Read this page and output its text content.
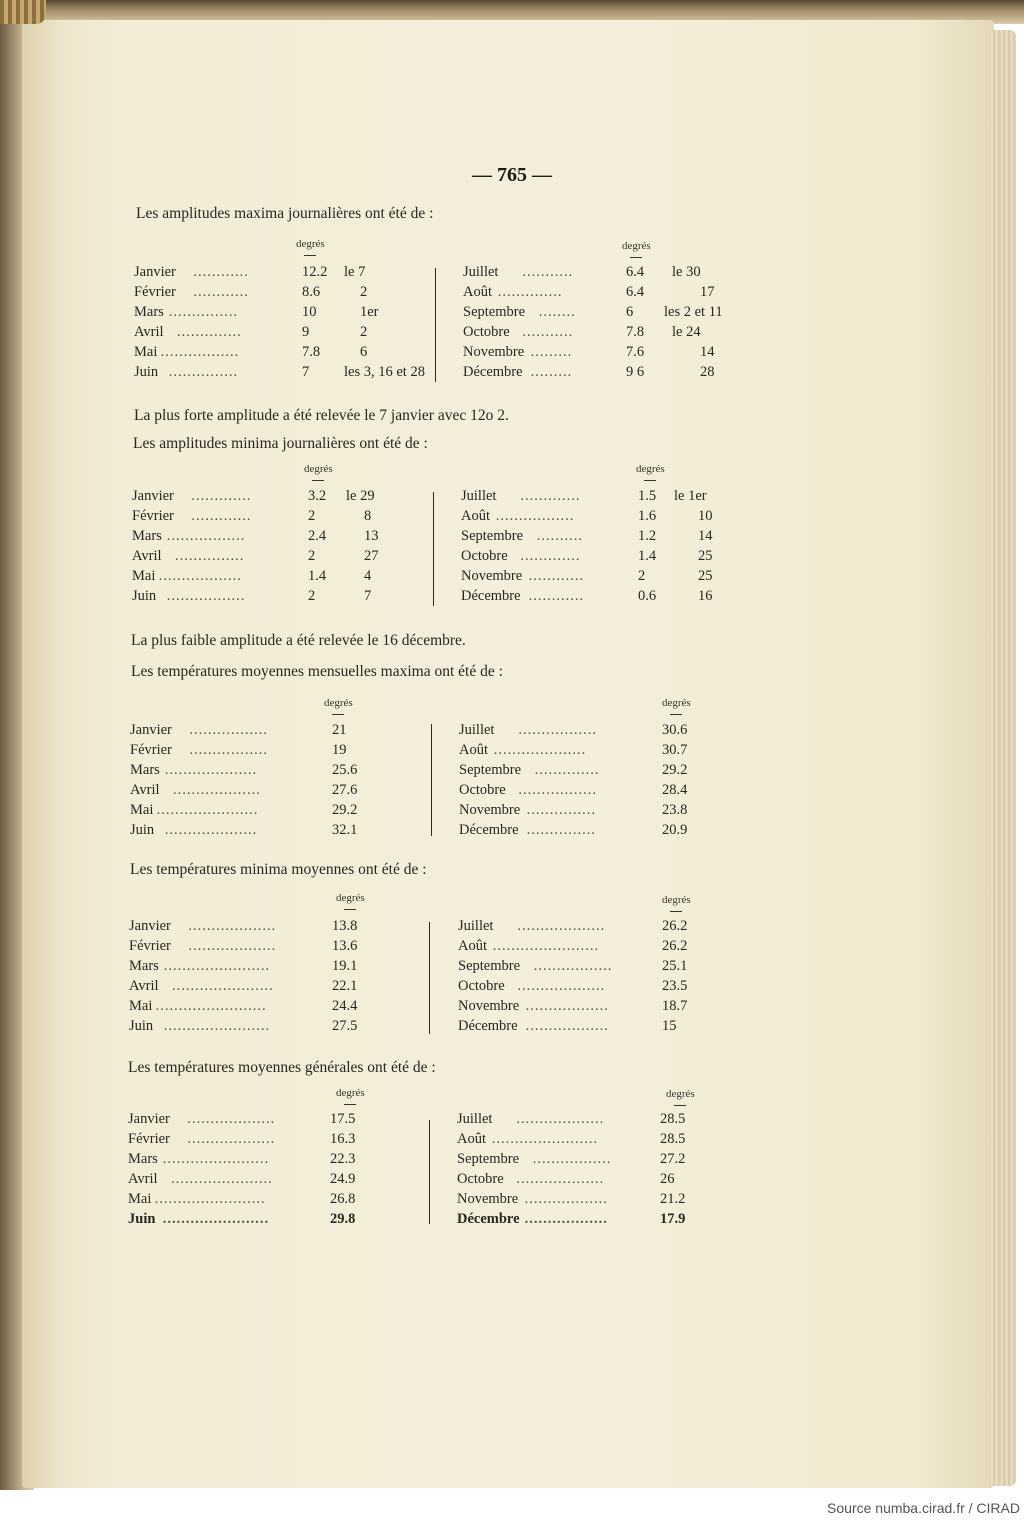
— 765 —
Les amplitudes maxima journalières ont été de :
La plus forte amplitude a été relevée le 7 janvier avec 12o 2.
Les amplitudes minima journalières ont été de :
La plus faible amplitude a été relevée le 16 décembre.
Les températures moyennes mensuelles maxima ont été de :
Les températures minima moyennes ont été de :
Les températures moyennes générales ont été de :
degrés	degrés
degrés	degrés
degrés	degrés
degrés	degrés
degrés	degrés
Janvier ............	12.2 le 7
Février ............	8.6	2
Mars ...............	10	1er
Avril ..............	9	2
Mai .................	7.8	6
Juin ...............	7 les 3, 16 et 28
Juillet ...........	6.4 le 30
Août ..............	6.4	17
Septembre ........	6 les 2 et 11
Octobre ...........	7.8 le 24
Novembre .........	7.6	14
Décembre .........	9 6	28
Janvier .............	3.2 le 29
Février .............	2	8
Mars .................	2.4	13
Avril ...............	2	27
Mai ..................	1.4	4
Juin .................	2	7
Juillet .............	1.5 le 1er
Août .................	1.6	10
Septembre ..........	1.2	14
Octobre .............	1.4	25
Novembre ............	2	25
Décembre ............	0.6	16
Janvier .................	21
Février .................	19
Mars ....................	25.6
Avril ...................	27.6
Mai ......................	29.2
Juin ....................	32.1
Juillet .................	30.6
Août ....................	30.7
Septembre ..............	29.2
Octobre .................	28.4
Novembre ...............	23.8
Décembre ...............	20.9
Janvier ...................	13.8
Février ...................	13.6
Mars .......................	19.1
Avril ......................	22.1
Mai ........................	24.4
Juin .......................	27.5
Juillet ...................	26.2
Août .......................	26.2
Septembre .................	25.1
Octobre ...................	23.5
Novembre ..................	18.7
Décembre ..................	15
Janvier ...................	17.5
Février ...................	16.3
Mars .......................	22.3
Avril ......................	24.9
Mai ........................	26.8
Juin .......................	29.8
Juillet ...................	28.5
Août .......................	28.5
Septembre .................	27.2
Octobre ...................	26
Novembre ..................	21.2
Décembre ..................	17.9
Source numba.cirad.fr / CIRAD
